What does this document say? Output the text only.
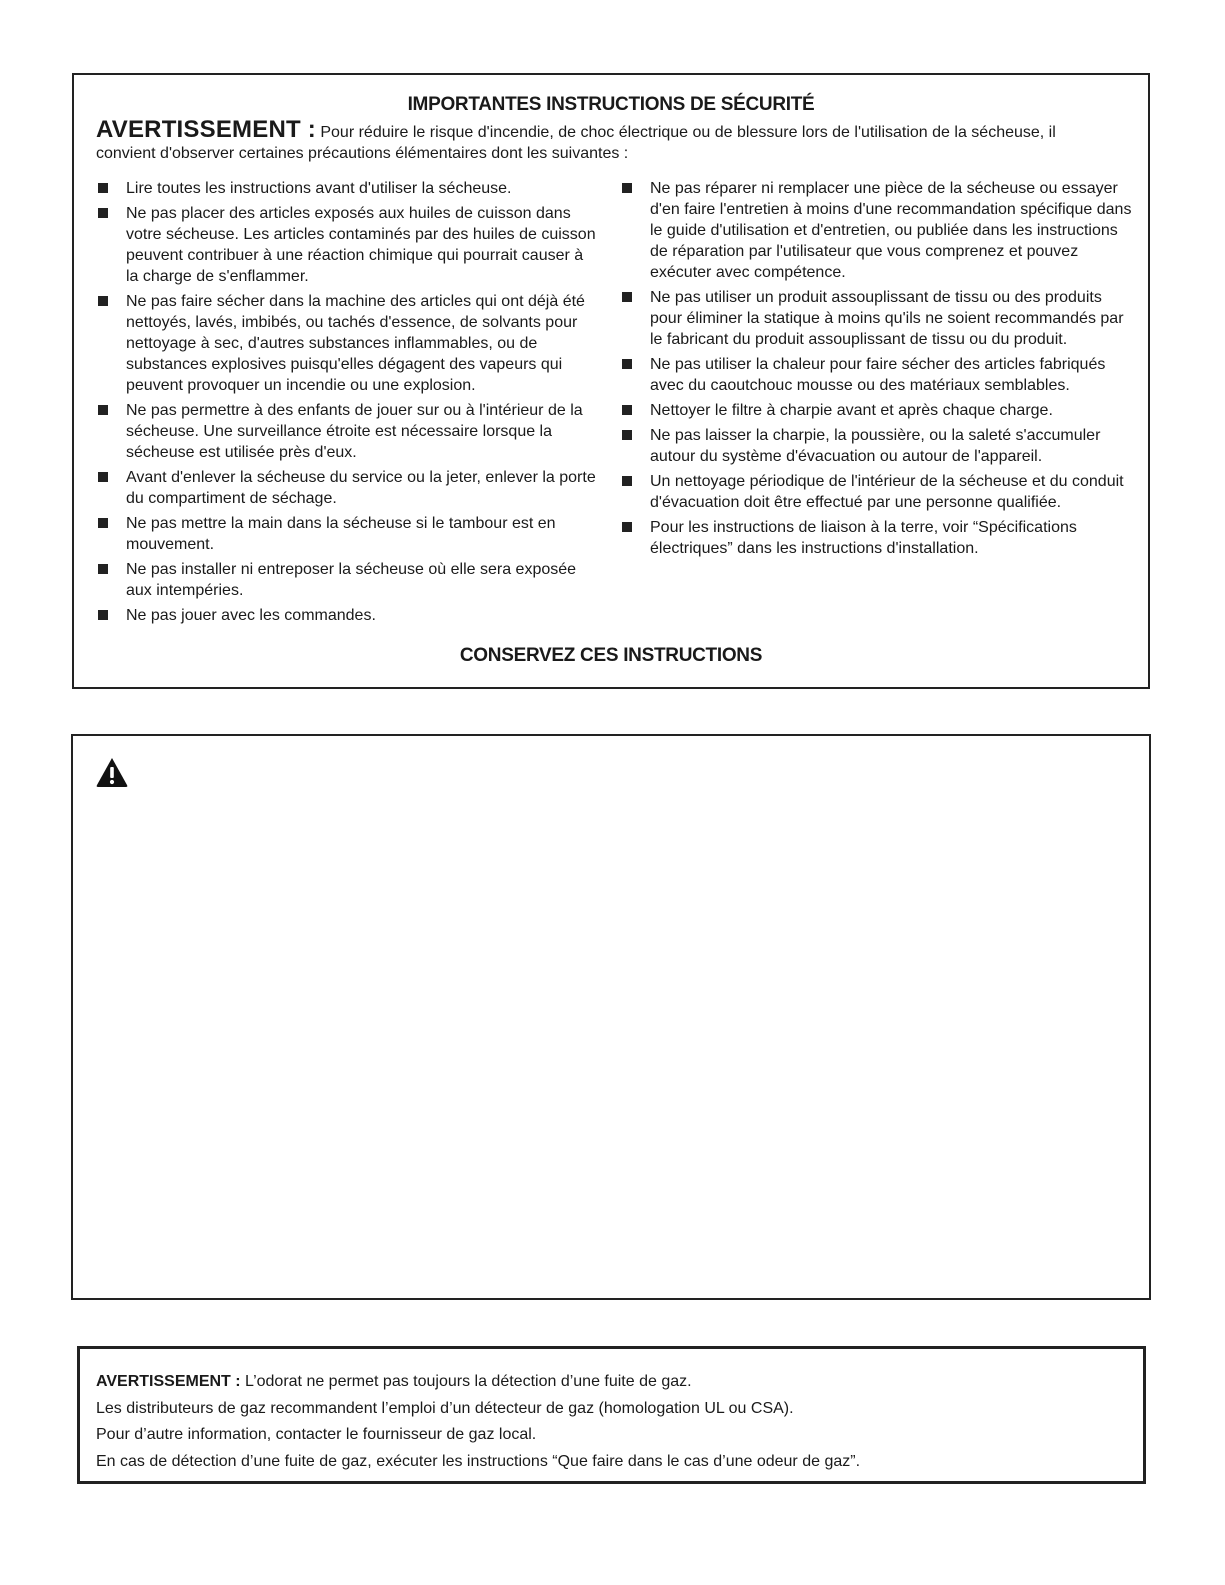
IMPORTANTES INSTRUCTIONS DE SÉCURITÉ
AVERTISSEMENT : Pour réduire le risque d'incendie, de choc électrique ou de blessure lors de l'utilisation de la sécheuse, il convient d'observer certaines précautions élémentaires dont les suivantes :
Lire toutes les instructions avant d'utiliser la sécheuse.
Ne pas placer des articles exposés aux huiles de cuisson dans votre sécheuse. Les articles contaminés par des huiles de cuisson peuvent contribuer à une réaction chimique qui pourrait causer à la charge de s'enflammer.
Ne pas faire sécher dans la machine des articles qui ont déjà été nettoyés, lavés, imbibés, ou tachés d'essence, de solvants pour nettoyage à sec, d'autres substances inflammables, ou de substances explosives puisqu'elles dégagent des vapeurs qui peuvent provoquer un incendie ou une explosion.
Ne pas permettre à des enfants de jouer sur ou à l'intérieur de la sécheuse. Une surveillance étroite est nécessaire lorsque la sécheuse est utilisée près d'eux.
Avant d'enlever la sécheuse du service ou la jeter, enlever la porte du compartiment de séchage.
Ne pas mettre la main dans la sécheuse si le tambour est en mouvement.
Ne pas installer ni entreposer la sécheuse où elle sera exposée aux intempéries.
Ne pas jouer avec les commandes.
Ne pas réparer ni remplacer une pièce de la sécheuse ou essayer d'en faire l'entretien à moins d'une recommandation spécifique dans le guide d'utilisation et d'entretien, ou publiée dans les instructions de réparation par l'utilisateur que vous comprenez et pouvez exécuter avec compétence.
Ne pas utiliser un produit assouplissant de tissu ou des produits pour éliminer la statique à moins qu'ils ne soient recommandés par le fabricant du produit assouplissant de tissu ou du produit.
Ne pas utiliser la chaleur pour faire sécher des articles fabriqués avec du caoutchouc mousse ou des matériaux semblables.
Nettoyer le filtre à charpie avant et après chaque charge.
Ne pas laisser la charpie, la poussière, ou la saleté s'accumuler autour du système d'évacuation ou autour de l'appareil.
Un nettoyage périodique de l'intérieur de la sécheuse et du conduit d'évacuation doit être effectué par une personne qualifiée.
Pour les instructions de liaison à la terre, voir “Spécifications électriques” dans les instructions d'installation.
CONSERVEZ CES INSTRUCTIONS
AVERTISSEMENT : L’odorat ne permet pas toujours la détection d’une fuite de gaz.
Les distributeurs de gaz recommandent l’emploi d’un détecteur de gaz (homologation UL ou CSA).
Pour d’autre information, contacter le fournisseur de gaz local.
En cas de détection d’une fuite de gaz, exécuter les instructions “Que faire dans le cas d’une odeur de gaz”.
